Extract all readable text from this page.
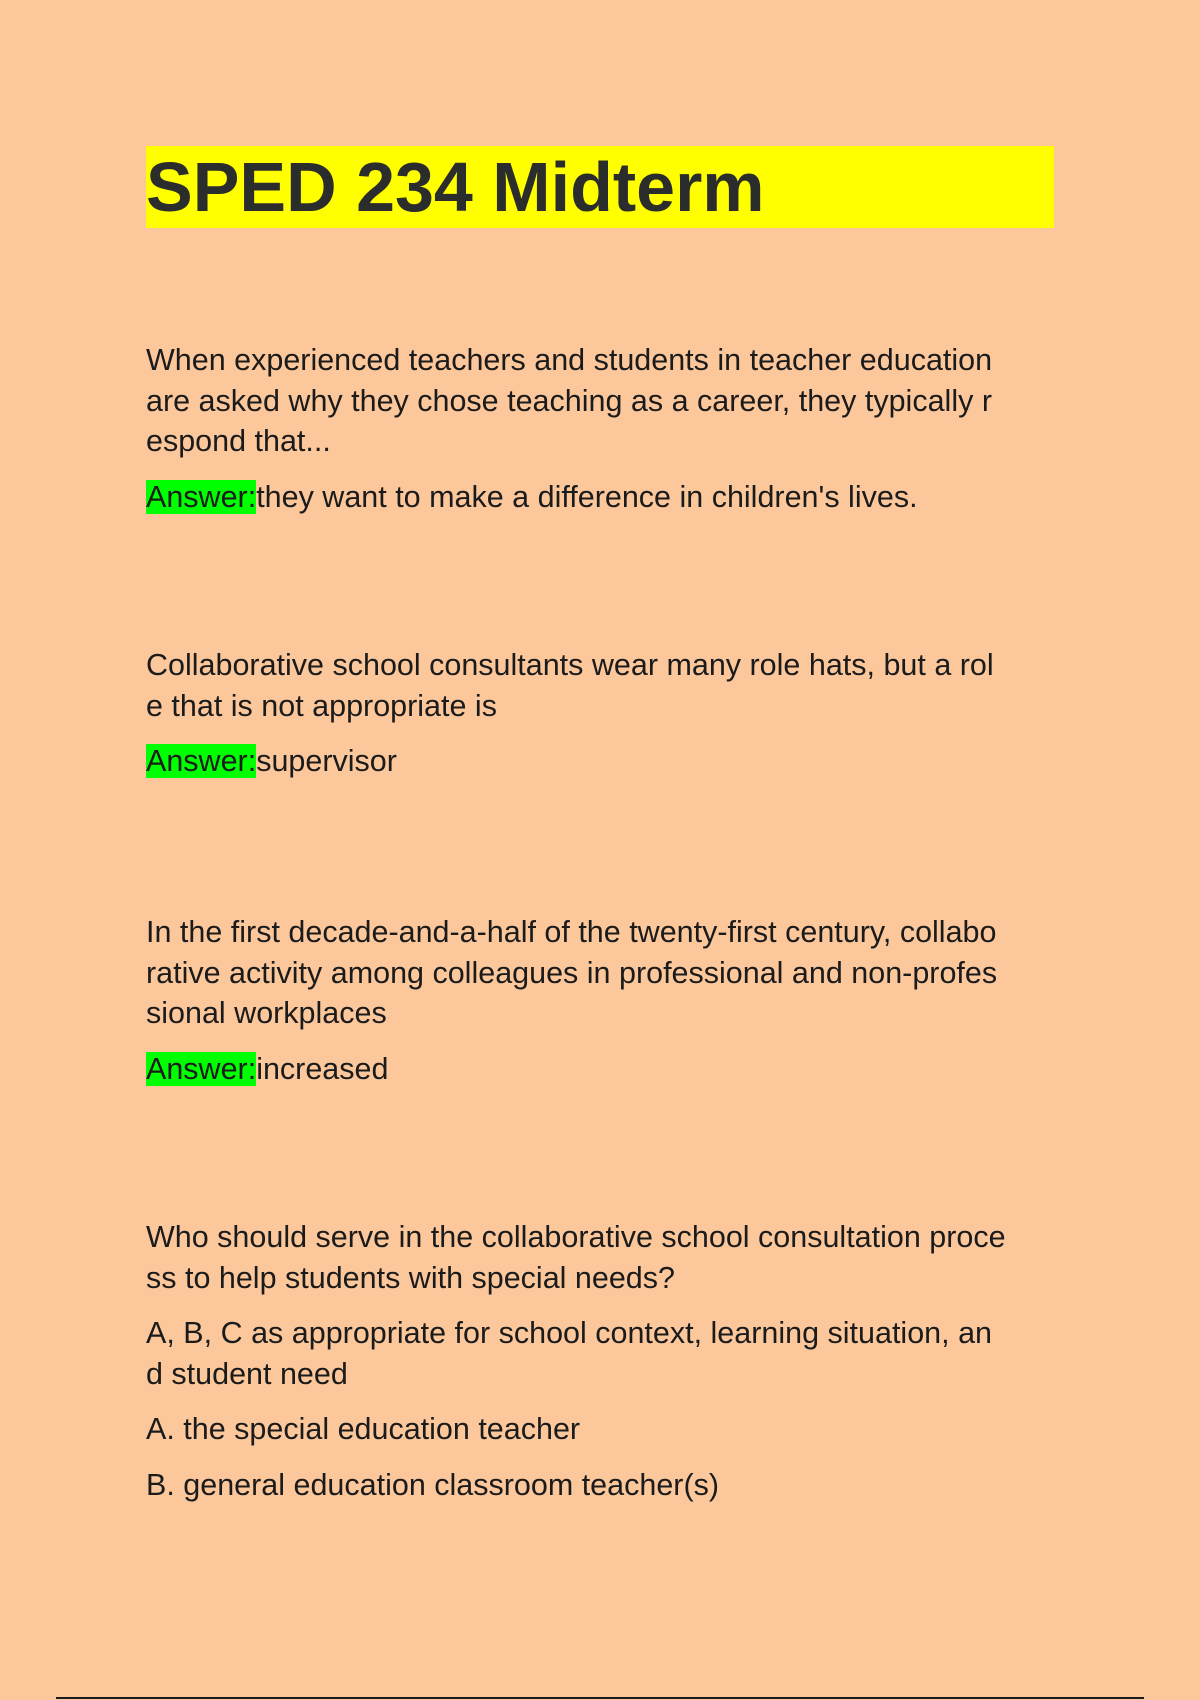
SPED 234 Midterm

When experienced teachers and students in teacher education
are asked why they chose teaching as a career, they typically r
espond that...

Answer:they want to make a difference in children's lives.

Collaborative school consultants wear many role hats, but a rol
e that is not appropriate is

Answer:supervisor

In the first decade-and-a-half of the twenty-first century, collabo
rative activity among colleagues in professional and non-profes
sional workplaces

Answer:increased

Who should serve in the collaborative school consultation proce
ss to help students with special needs?

A, B, C as appropriate for school context, learning situation, an
d student need

A. the special education teacher

B. general education classroom teacher(s)
